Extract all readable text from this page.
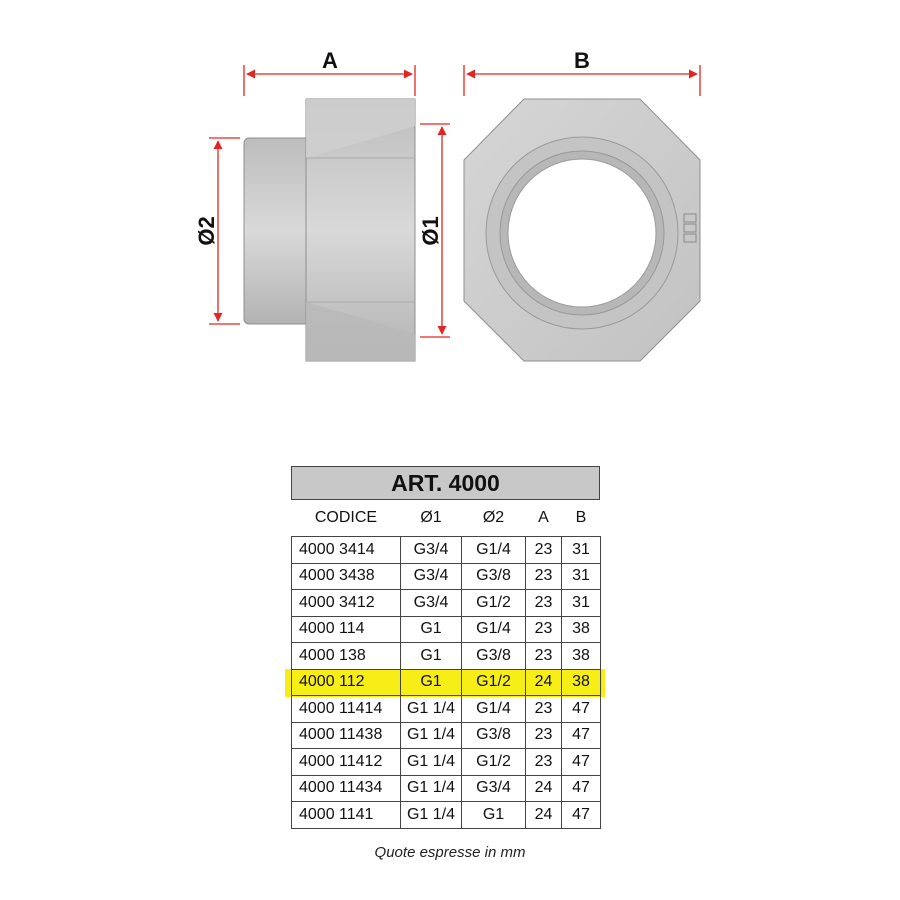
A	B
Ø2	Ø1
ART. 4000
CODICE	Ø1	Ø2	A	B
4000 3414	G3/4	G1/4	23	31
4000 3438	G3/4	G3/8	23	31
4000 3412	G3/4	G1/2	23	31
4000 114	G1	G1/4	23	38
4000 138	G1	G3/8	23	38
4000 112	G1	G1/2	24	38
4000 11414	G1 1/4	G1/4	23	47
4000 11438	G1 1/4	G3/8	23	47
4000 11412	G1 1/4	G1/2	23	47
4000 11434	G1 1/4	G3/4	24	47
4000 1141	G1 1/4	G1	24	47
Quote espresse in mm
